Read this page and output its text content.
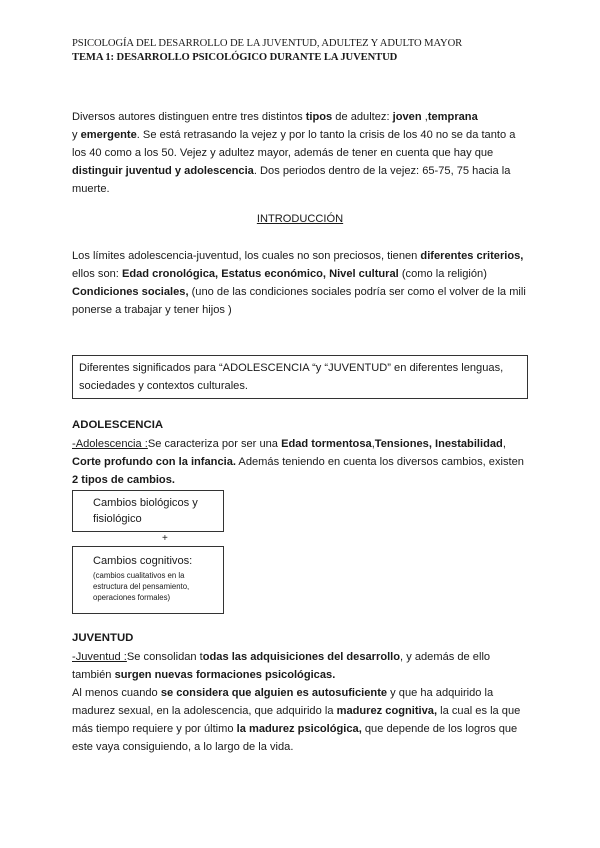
PSICOLOGÍA DEL DESARROLLO DE LA JUVENTUD, ADULTEZ Y ADULTO MAYOR
TEMA 1: DESARROLLO PSICOLÓGICO DURANTE LA JUVENTUD
Diversos autores distinguen entre tres distintos tipos de adultez: joven ,temprana
y emergente. Se está retrasando la vejez y por lo tanto la crisis de los 40 no se da tanto a los 40 como a los 50. Vejez y adultez mayor, además de tener en cuenta que hay que distinguir juventud y adolescencia. Dos periodos dentro de la vejez: 65-75, 75 hacia la muerte.
INTRODUCCIÓN
Los límites adolescencia-juventud, los cuales no son preciosos, tienen diferentes criterios, ellos son: Edad cronológica, Estatus económico, Nivel cultural (como la religión) Condiciones sociales, (uno de las condiciones sociales podría ser como el volver de la mili ponerse a trabajar y tener hijos )
Diferentes significados para “ADOLESCENCIA “y “JUVENTUD” en diferentes lenguas, sociedades y contextos culturales.
ADOLESCENCIA
-Adolescencia :Se caracteriza por ser una Edad tormentosa,Tensiones, Inestabilidad, Corte profundo con la infancia. Además teniendo en cuenta los diversos cambios, existen 2 tipos de cambios.
Cambios biológicos y fisiológico
+
Cambios cognitivos:
(cambios cualitativos en la estructura del pensamiento, operaciones formales)
JUVENTUD
-Juventud :Se consolidan todas las adquisiciones del desarrollo, y además de ello también surgen nuevas formaciones psicológicas.
Al menos cuando se considera que alguien es autosuficiente y que ha adquirido la madurez sexual, en la adolescencia, que adquirido la madurez cognitiva, la cual es la que más tiempo requiere y por último la madurez psicológica, que depende de los logros que este vaya consiguiendo, a lo largo de la vida.
